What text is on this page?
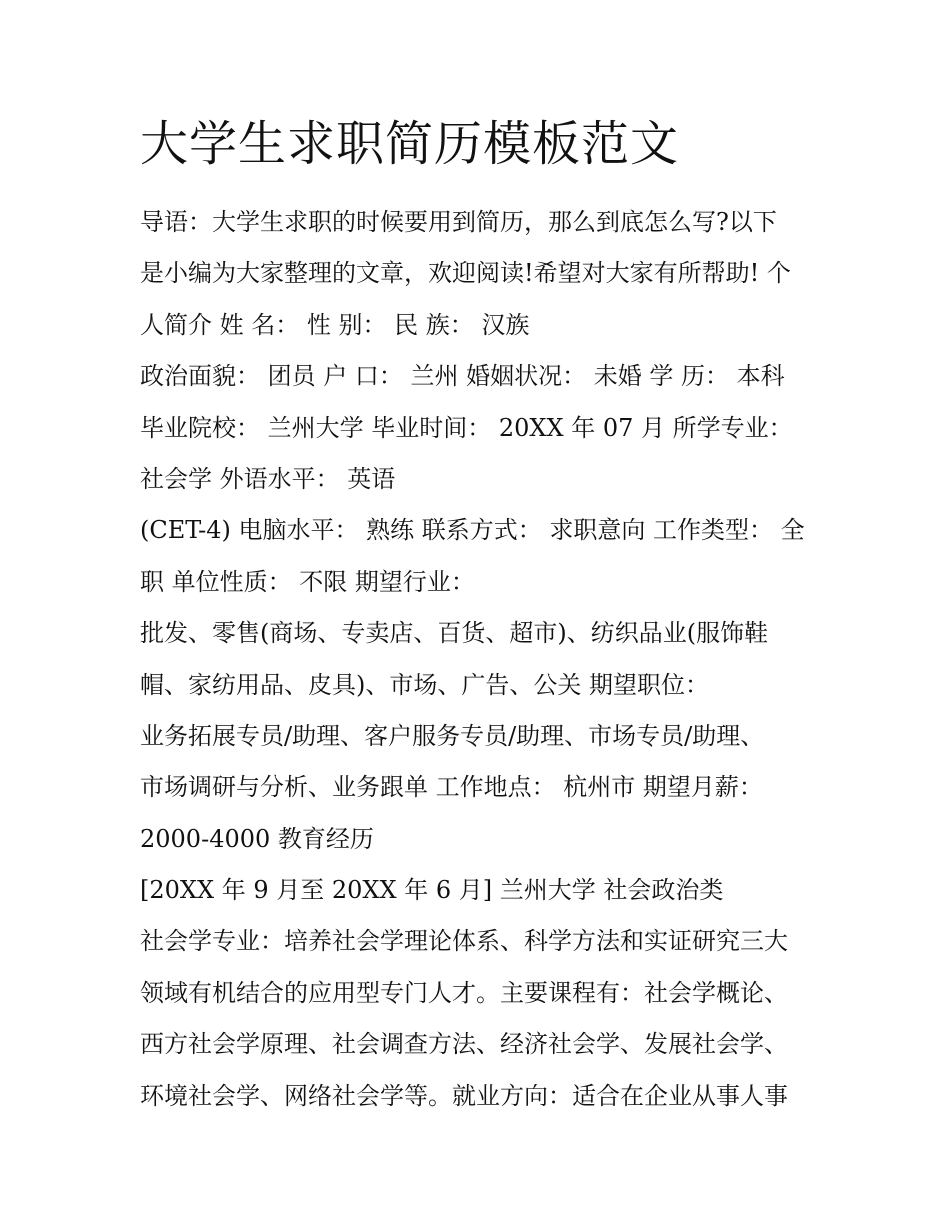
大学生求职简历模板范文
导语：大学生求职的时候要用到简历，那么到底怎么写?以下
是小编为大家整理的文章，欢迎阅读!希望对大家有所帮助! 个
人简介 姓 名： 性 别： 民 族： 汉族
政治面貌： 团员 户 口： 兰州 婚姻状况： 未婚 学 历： 本科
毕业院校： 兰州大学 毕业时间： 20XX 年 07 月 所学专业：
社会学 外语水平： 英语
(CET-4) 电脑水平： 熟练 联系方式： 求职意向 工作类型： 全
职 单位性质： 不限 期望行业：
批发、零售(商场、专卖店、百货、超市)、纺织品业(服饰鞋
帽、家纺用品、皮具)、市场、广告、公关 期望职位：
业务拓展专员/助理、客户服务专员/助理、市场专员/助理、
市场调研与分析、业务跟单 工作地点： 杭州市 期望月薪：
2000-4000 教育经历
[20XX 年 9 月至 20XX 年 6 月] 兰州大学 社会政治类
社会学专业：培养社会学理论体系、科学方法和实证研究三大
领域有机结合的应用型专门人才。主要课程有：社会学概论、
西方社会学原理、社会调查方法、经济社会学、发展社会学、
环境社会学、网络社会学等。就业方向：适合在企业从事人事
